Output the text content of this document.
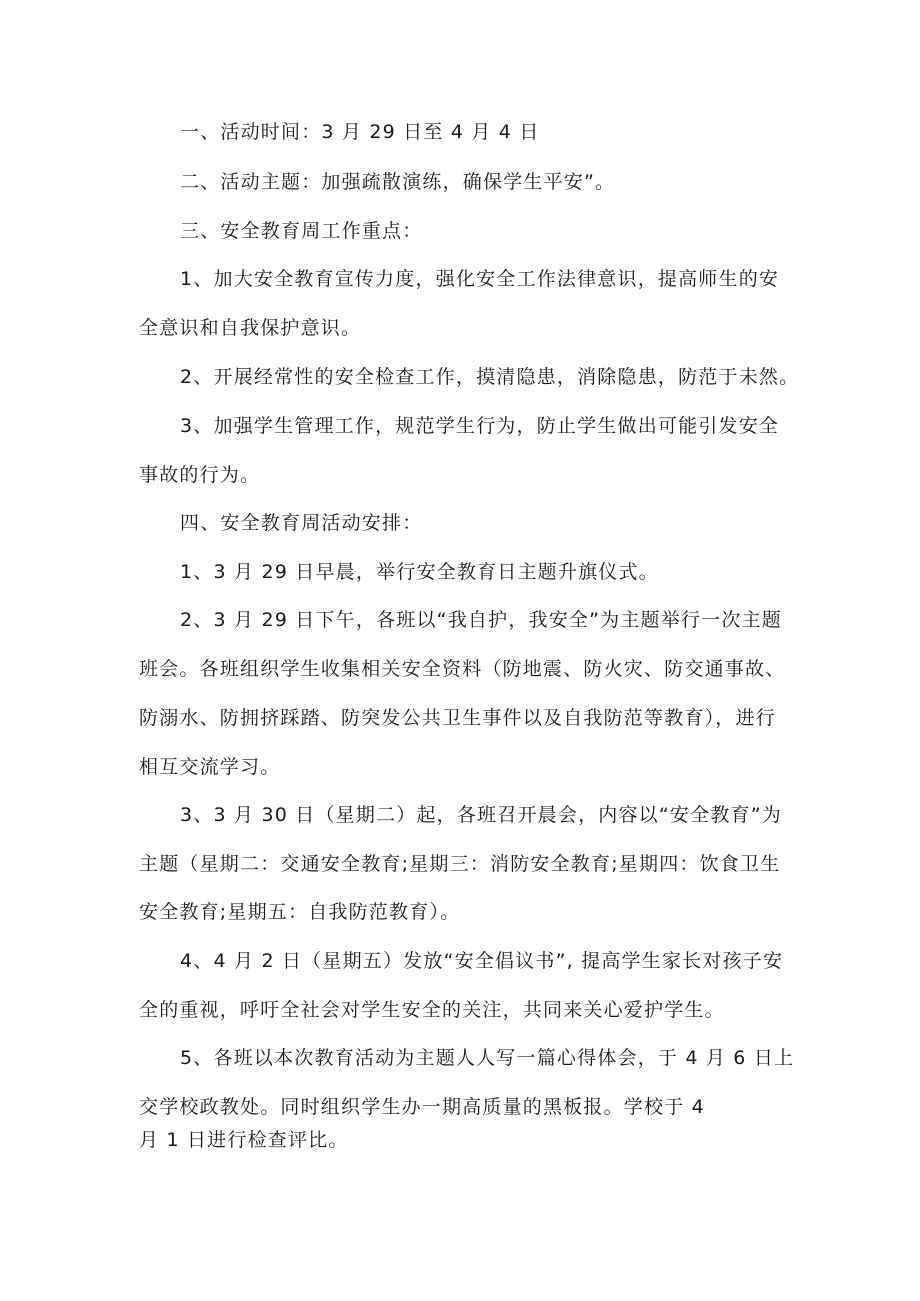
一、活动时间：3 月 29 日至 4 月 4 日
二、活动主题：加强疏散演练，确保学生平安”。
三、安全教育周工作重点：
1、加大安全教育宣传力度，强化安全工作法律意识，提高师生的安
全意识和自我保护意识。
2、开展经常性的安全检查工作，摸清隐患，消除隐患，防范于未然。
3、加强学生管理工作，规范学生行为，防止学生做出可能引发安全
事故的行为。
四、安全教育周活动安排：
1、3 月 29 日早晨，举行安全教育日主题升旗仪式。
2、3 月 29 日下午，各班以“我自护，我安全”为主题举行一次主题
班会。各班组织学生收集相关安全资料（防地震、防火灾、防交通事故、
防溺水、防拥挤踩踏、防突发公共卫生事件以及自我防范等教育），进行
相互交流学习。
3、3 月 30 日（星期二）起，各班召开晨会，内容以“安全教育”为
主题（星期二：交通安全教育;星期三：消防安全教育;星期四：饮食卫生
安全教育;星期五：自我防范教育）。
4、4 月 2 日（星期五）发放“安全倡议书”, 提高学生家长对孩子安
全的重视，呼吁全社会对学生安全的关注，共同来关心爱护学生。
5、各班以本次教育活动为主题人人写一篇心得体会，于 4 月 6 日上
交学校政教处。同时组织学生办一期高质量的黑板报。学校于 4
月 1 日进行检查评比。
